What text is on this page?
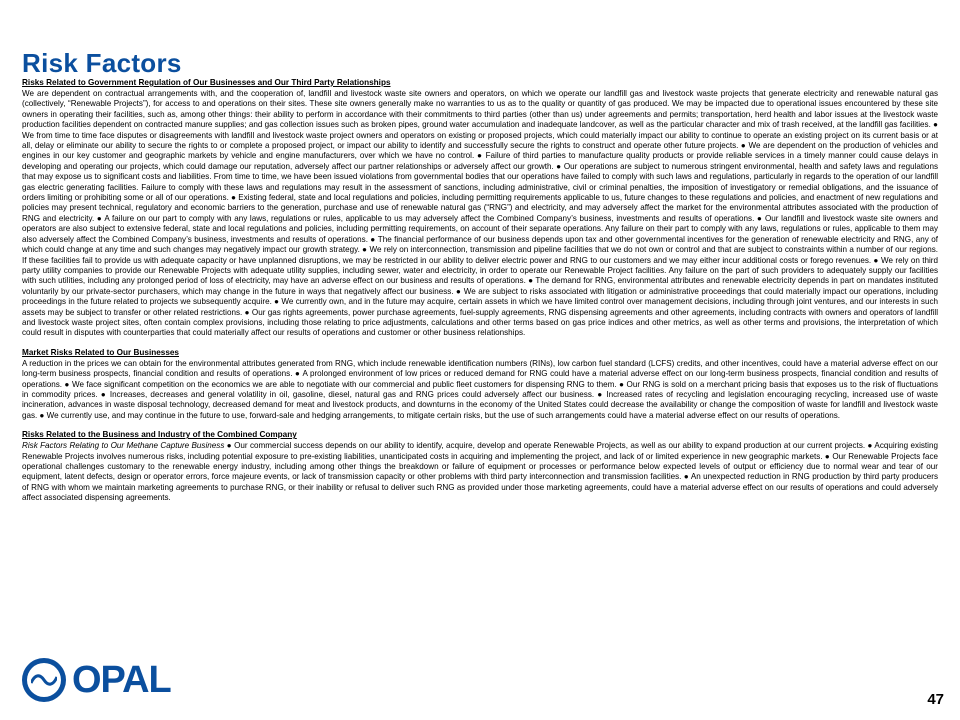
Risk Factors
Risks Related to Government Regulation of Our Businesses and Our Third Party Relationships
We are dependent on contractual arrangements with, and the cooperation of, landfill and livestock waste site owners and operators, on which we operate our landfill gas and livestock waste projects that generate electricity and renewable natural gas (collectively, “Renewable Projects”), for access to and operations on their sites. These site owners generally make no warranties to us as to the quality or quantity of gas produced. We may be impacted due to operational issues encountered by these site owners in operating their facilities, such as, among other things: their ability to perform in accordance with their commitments to third parties (other than us) under agreements and permits; transportation, herd health and labor issues at the livestock waste production facilities dependent on contracted manure supplies; and gas collection issues such as broken pipes, ground water accumulation and inadequate landcover, as well as the particular character and mix of trash received, at the landfill gas facilities. ● We from time to time face disputes or disagreements with landfill and livestock waste project owners and operators on existing or proposed projects, which could materially impact our ability to continue to operate an existing project on its current basis or at all, delay or eliminate our ability to secure the rights to or complete a proposed project, or impact our ability to identify and successfully secure the rights to construct and operate other future projects. ● We are dependent on the production of vehicles and engines in our key customer and geographic markets by vehicle and engine manufacturers, over which we have no control. ● Failure of third parties to manufacture quality products or provide reliable services in a timely manner could cause delays in developing and operating our projects, which could damage our reputation, adversely affect our partner relationships or adversely affect our growth. ● Our operations are subject to numerous stringent environmental, health and safety laws and regulations that may expose us to significant costs and liabilities. From time to time, we have been issued violations from governmental bodies that our operations have failed to comply with such laws and regulations, particularly in regards to the operation of our landfill gas electric generating facilities. Failure to comply with these laws and regulations may result in the assessment of sanctions, including administrative, civil or criminal penalties, the imposition of investigatory or remedial obligations, and the issuance of orders limiting or prohibiting some or all of our operations. ● Existing federal, state and local regulations and policies, including permitting requirements applicable to us, future changes to these regulations and policies, and enactment of new regulations and policies may present technical, regulatory and economic barriers to the generation, purchase and use of renewable natural gas (“RNG”) and electricity, and may adversely affect the market for the environmental attributes associated with the production of RNG and electricity. ● A failure on our part to comply with any laws, regulations or rules, applicable to us may adversely affect the Combined Company’s business, investments and results of operations. ● Our landfill and livestock waste site owners and operators are also subject to extensive federal, state and local regulations and policies, including permitting requirements, on account of their separate operations. Any failure on their part to comply with any laws, regulations or rules, applicable to them may also adversely affect the Combined Company’s business, investments and results of operations. ● The financial performance of our business depends upon tax and other governmental incentives for the generation of renewable electricity and RNG, any of which could change at any time and such changes may negatively impact our growth strategy. ● We rely on interconnection, transmission and pipeline facilities that we do not own or control and that are subject to constraints within a number of our regions. If these facilities fail to provide us with adequate capacity or have unplanned disruptions, we may be restricted in our ability to deliver electric power and RNG to our customers and we may either incur additional costs or forego revenues. ● We rely on third party utility companies to provide our Renewable Projects with adequate utility supplies, including sewer, water and electricity, in order to operate our Renewable Project facilities. Any failure on the part of such providers to adequately supply our facilities with such utilities, including any prolonged period of loss of electricity, may have an adverse effect on our business and results of operations. ● The demand for RNG, environmental attributes and renewable electricity depends in part on mandates instituted voluntarily by our private-sector purchasers, which may change in the future in ways that negatively affect our business. ● We are subject to risks associated with litigation or administrative proceedings that could materially impact our operations, including proceedings in the future related to projects we subsequently acquire. ● We currently own, and in the future may acquire, certain assets in which we have limited control over management decisions, including through joint ventures, and our interests in such assets may be subject to transfer or other related restrictions. ● Our gas rights agreements, power purchase agreements, fuel-supply agreements, RNG dispensing agreements and other agreements, including contracts with owners and operators of landfill and livestock waste project sites, often contain complex provisions, including those relating to price adjustments, calculations and other terms based on gas price indices and other metrics, as well as other terms and provisions, the interpretation of which could result in disputes with counterparties that could materially affect our results of operations and customer or other business relationships.
Market Risks Related to Our Businesses
A reduction in the prices we can obtain for the environmental attributes generated from RNG, which include renewable identification numbers (RINs), low carbon fuel standard (LCFS) credits, and other incentives, could have a material adverse effect on our long-term business prospects, financial condition and results of operations. ● A prolonged environment of low prices or reduced demand for RNG could have a material adverse effect on our long-term business prospects, financial condition and results of operations. ● We face significant competition on the economics we are able to negotiate with our commercial and public fleet customers for dispensing RNG to them. ● Our RNG is sold on a merchant pricing basis that exposes us to the risk of fluctuations in commodity prices. ● Increases, decreases and general volatility in oil, gasoline, diesel, natural gas and RNG prices could adversely affect our business. ● Increased rates of recycling and legislation encouraging recycling, increased use of waste incineration, advances in waste disposal technology, decreased demand for meat and livestock products, and downturns in the economy of the United States could decrease the availability or change the composition of waste for landfill and livestock waste gas. ● We currently use, and may continue in the future to use, forward-sale and hedging arrangements, to mitigate certain risks, but the use of such arrangements could have a material adverse effect on our results of operations.
Risks Related to the Business and Industry of the Combined Company
Risk Factors Relating to Our Methane Capture Business ● Our commercial success depends on our ability to identify, acquire, develop and operate Renewable Projects, as well as our ability to expand production at our current projects. ● Acquiring existing Renewable Projects involves numerous risks, including potential exposure to pre-existing liabilities, unanticipated costs in acquiring and implementing the project, and lack of or limited experience in new geographic markets. ● Our Renewable Projects face operational challenges customary to the renewable energy industry, including among other things the breakdown or failure of equipment or processes or performance below expected levels of output or efficiency due to normal wear and tear of our equipment, latent defects, design or operator errors, force majeure events, or lack of transmission capacity or other problems with third party interconnection and transmission facilities. ● An unexpected reduction in RNG production by third party producers of RNG with whom we maintain marketing agreements to purchase RNG, or their inability or refusal to deliver such RNG as provided under those marketing agreements, could have a material adverse effect on our results of operations and could adversely affect associated dispensing agreements.
OPAL	47
